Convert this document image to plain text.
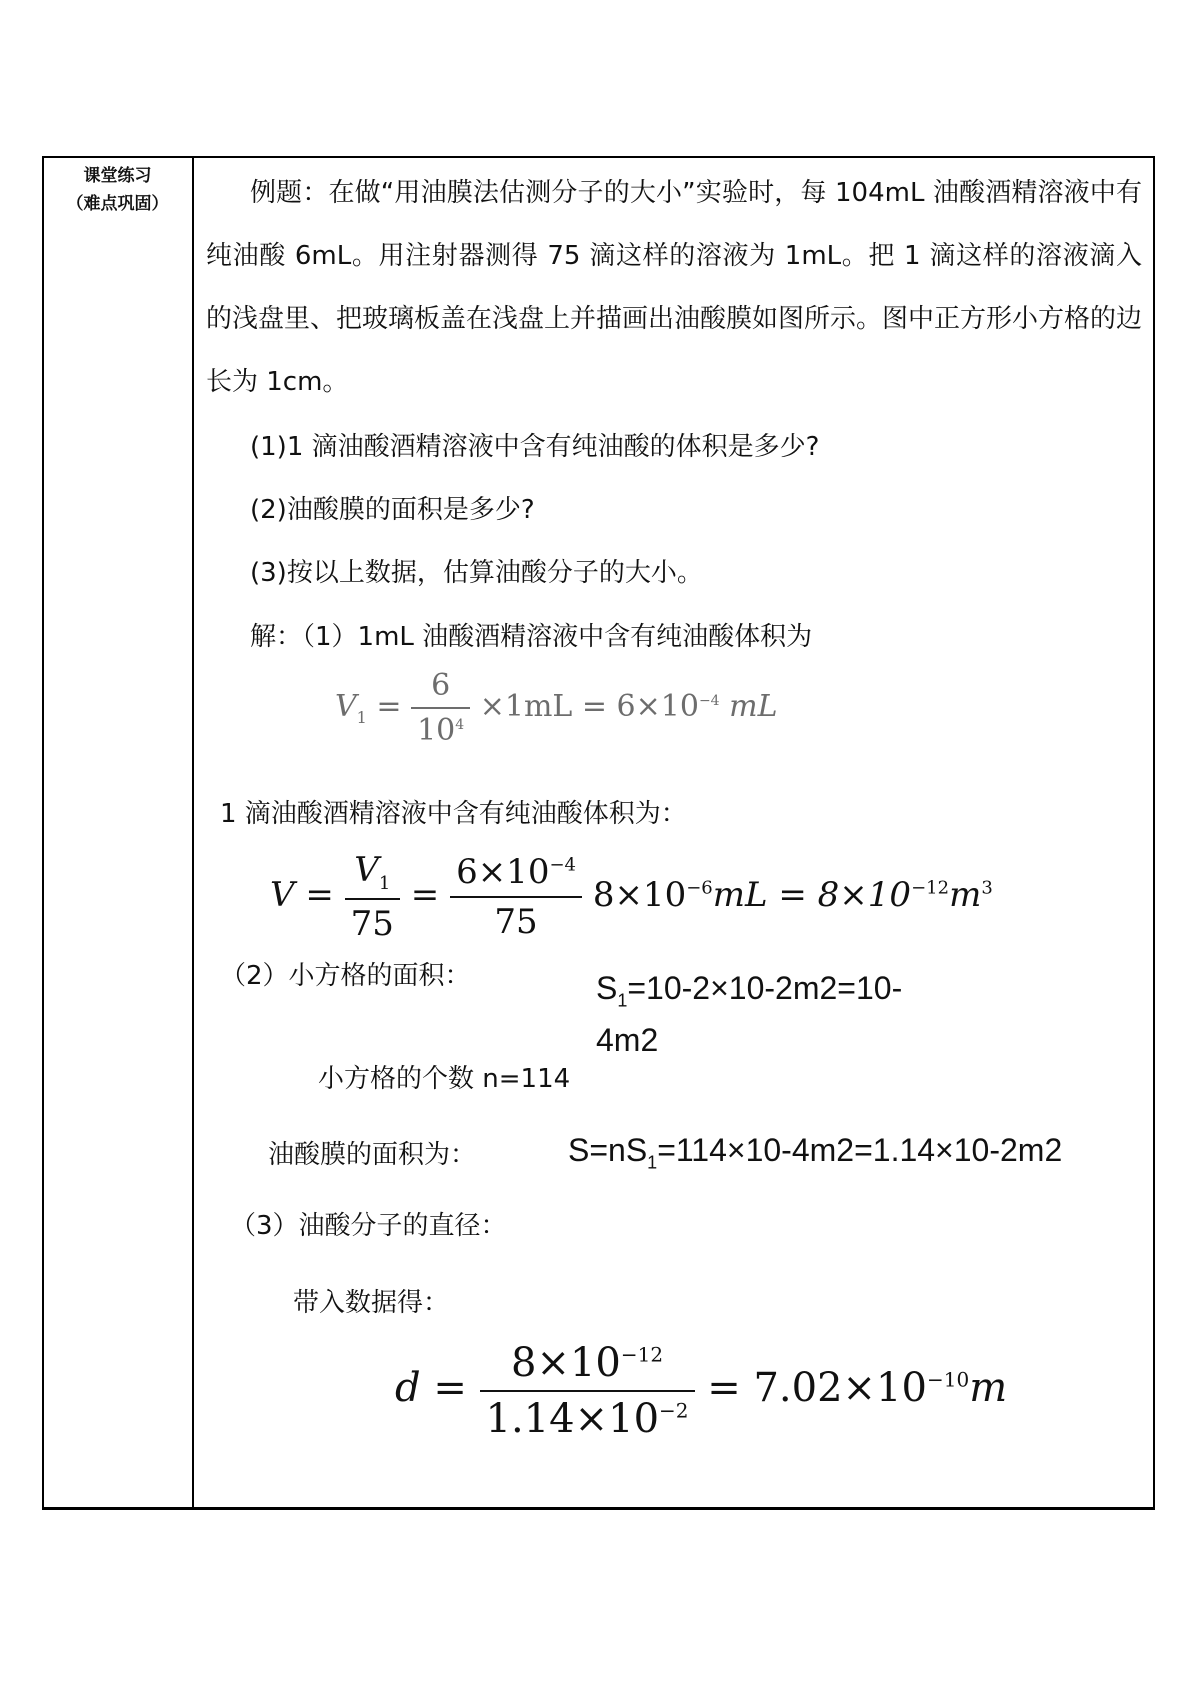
课堂练习
（难点巩固）	例题：在做“用油膜法估测分子的大小”实验时，每 104mL 油酸酒精溶液中有纯油酸 6mL。用注射器测得 75 滴这样的溶液为 1mL。把 1 滴这样的溶液滴入的浅盘里、把玻璃板盖在浅盘上并描画出油酸膜如图所示。图中正方形小方格的边长为 1cm。
(1)1 滴油酸酒精溶液中含有纯油酸的体积是多少?
(2)油酸膜的面积是多少?
(3)按以上数据，估算油酸分子的大小。
解：（1）1mL 油酸酒精溶液中含有纯油酸体积为
$V_1 = \frac{6}{10^4} \times 1mL = 6\times 10^{-4}$ mL
1 滴油酸酒精溶液中含有纯油酸体积为：
$V = \frac{V_1}{75} = \frac{6\times 10^{-4}}{75} 8\times 10^{-6}mL = 8\times 10^{-12}m^3$
（2）小方格的面积：	$S_1=10-2\times 10-2m2=10-$
4m2
小方格的个数 n=114
油酸膜的面积为：	$S=nS_1=114\times 10-4m2=1.14\times 10-2m2$
（3）油酸分子的直径：
带入数据得：
$d = \frac{8\times 10^{-12}}{1.14\times 10^{-2}} = 7.02\times 10^{-10}m$
